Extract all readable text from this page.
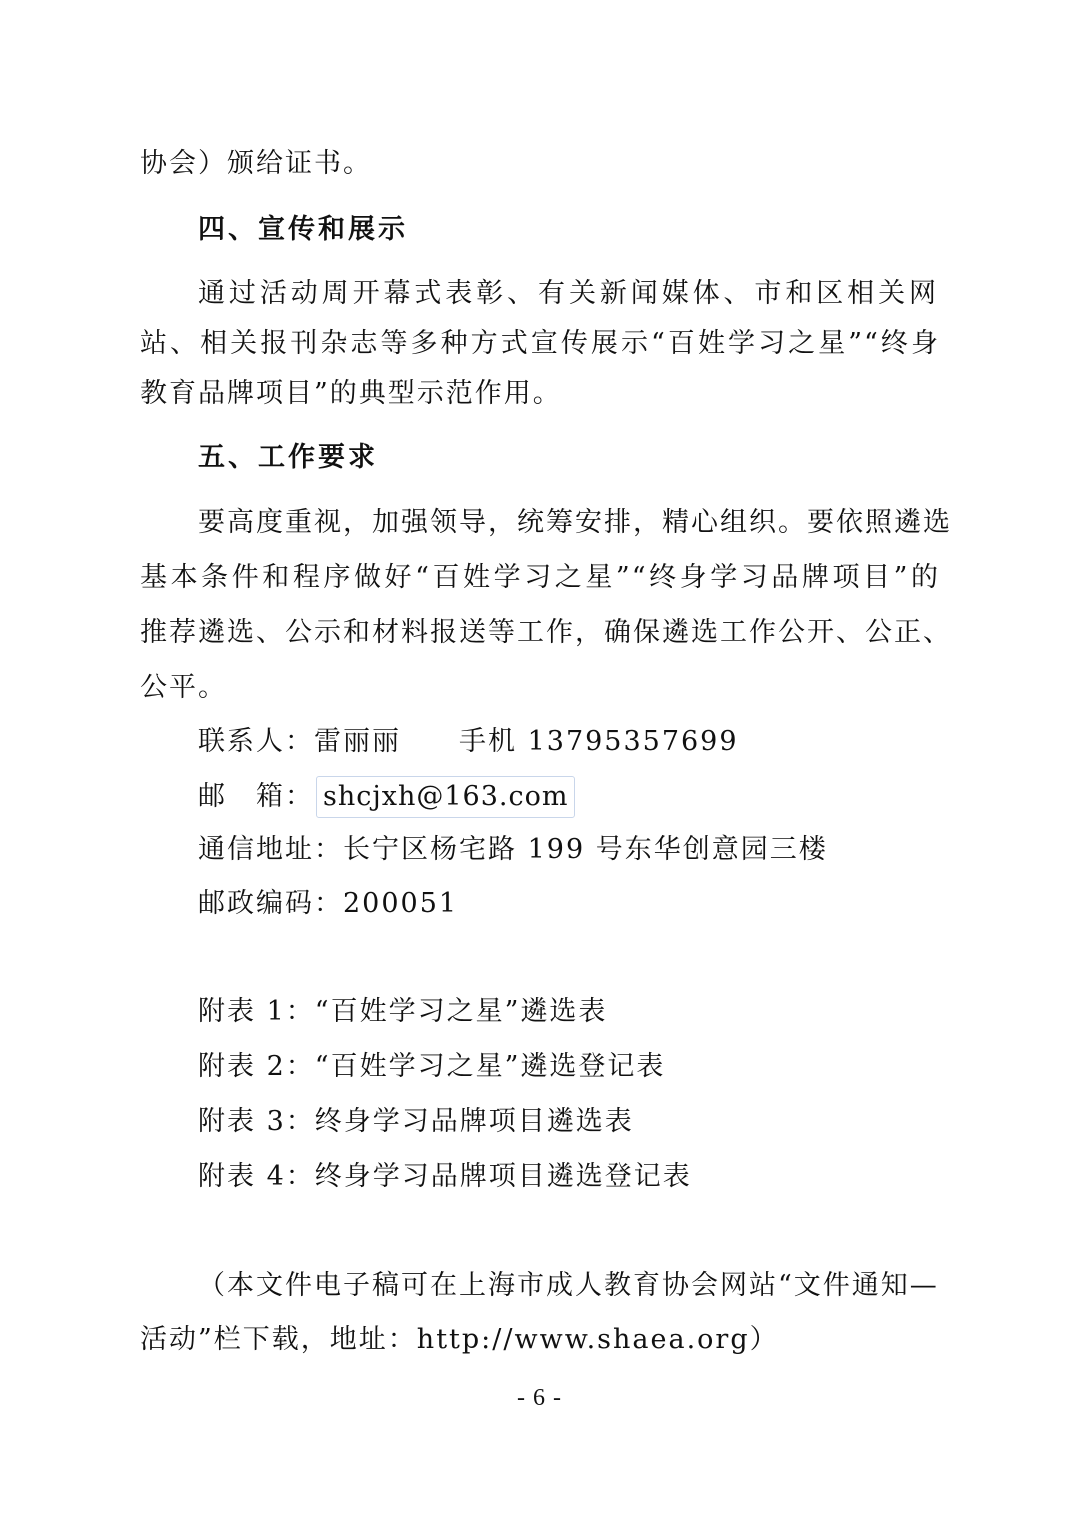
协会）颁给证书。
四、宣传和展示
通过活动周开幕式表彰、有关新闻媒体、市和区相关网
站、相关报刊杂志等多种方式宣传展示“百姓学习之星”“终身
教育品牌项目”的典型示范作用。
五、工作要求
要高度重视，加强领导，统筹安排，精心组织。要依照遴选
基本条件和程序做好“百姓学习之星”“终身学习品牌项目”的
推荐遴选、公示和材料报送等工作，确保遴选工作公开、公正、
公平。
联系人：雷丽丽 手机 13795357699
邮　箱： shcjxh@163.com
通信地址：长宁区杨宅路 199 号东华创意园三楼
邮政编码：200051
附表 1：“百姓学习之星”遴选表
附表 2：“百姓学习之星”遴选登记表
附表 3：终身学习品牌项目遴选表
附表 4：终身学习品牌项目遴选登记表
（本文件电子稿可在上海市成人教育协会网站“文件通知—
活动”栏下载，地址：http://www.shaea.org）
- 6 -
